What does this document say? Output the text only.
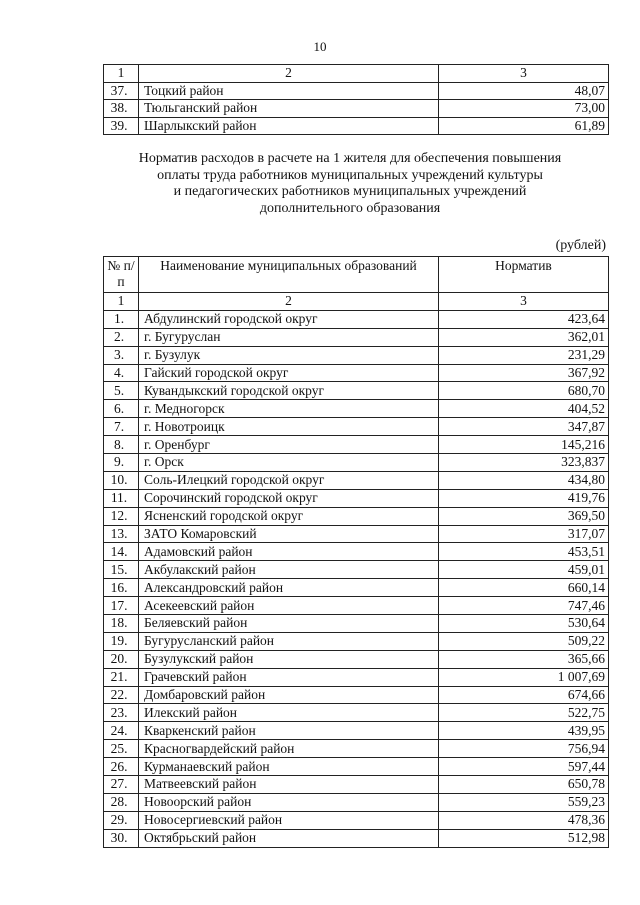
10
1	2	3
37.	Тоцкий район	48,07
38.	Тюльганский район	73,00
39.	Шарлыкский район	61,89
Норматив расходов в расчете на 1 жителя для обеспечения повышения
оплаты труда работников муниципальных учреждений культуры
и педагогических работников муниципальных учреждений
дополнительного образования
(рублей)
№ п/п	Наименование муниципальных образований	Норматив
1	2	3
1.	Абдулинский городской округ	423,64
2.	г. Бугуруслан	362,01
3.	г. Бузулук	231,29
4.	Гайский городской округ	367,92
5.	Кувандыкский городской округ	680,70
6.	г. Медногорск	404,52
7.	г. Новотроицк	347,87
8.	г. Оренбург	145,216
9.	г. Орск	323,837
10.	Соль-Илецкий городской округ	434,80
11.	Сорочинский городской округ	419,76
12.	Ясненский городской округ	369,50
13.	ЗАТО Комаровский	317,07
14.	Адамовский район	453,51
15.	Акбулакский район	459,01
16.	Александровский район	660,14
17.	Асекеевский район	747,46
18.	Беляевский район	530,64
19.	Бугурусланский район	509,22
20.	Бузулукский район	365,66
21.	Грачевский район	1 007,69
22.	Домбаровский район	674,66
23.	Илекский район	522,75
24.	Кваркенский район	439,95
25.	Красногвардейский район	756,94
26.	Курманаевский район	597,44
27.	Матвеевский район	650,78
28.	Новоорский район	559,23
29.	Новосергиевский район	478,36
30.	Октябрьский район	512,98
